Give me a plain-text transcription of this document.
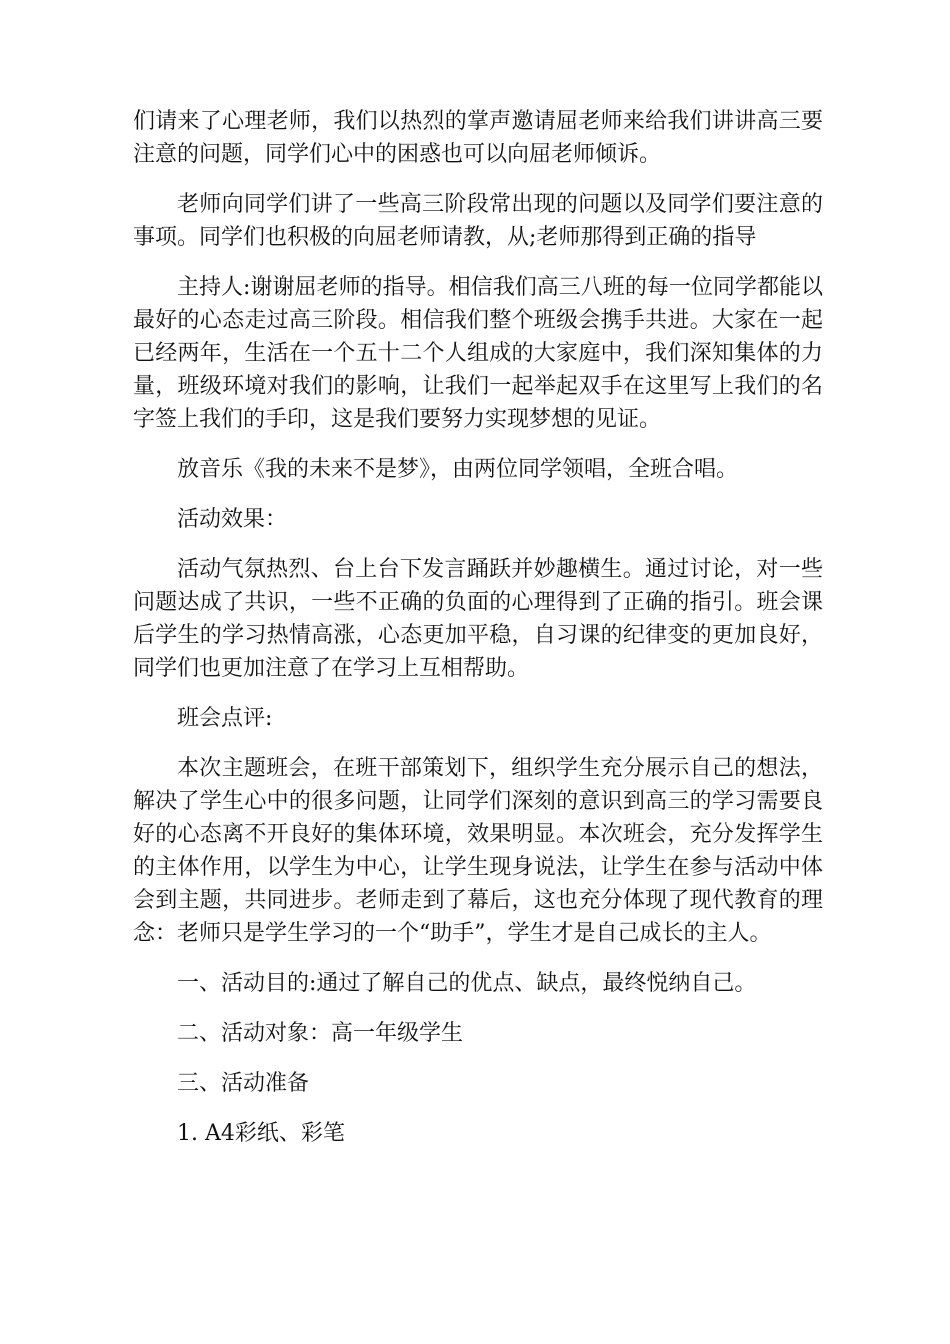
们请来了心理老师，我们以热烈的掌声邀请屈老师来给我们讲讲高三要注意的问题，同学们心中的困惑也可以向屈老师倾诉。

老师向同学们讲了一些高三阶段常出现的问题以及同学们要注意的事项。同学们也积极的向屈老师请教，从;老师那得到正确的指导

主持人:谢谢屈老师的指导。相信我们高三八班的每一位同学都能以最好的心态走过高三阶段。相信我们整个班级会携手共进。大家在一起已经两年，生活在一个五十二个人组成的大家庭中，我们深知集体的力量，班级环境对我们的影响，让我们一起举起双手在这里写上我们的名字签上我们的手印，这是我们要努力实现梦想的见证。

放音乐《我的未来不是梦》，由两位同学领唱，全班合唱。

活动效果：

活动气氛热烈、台上台下发言踊跃并妙趣横生。通过讨论，对一些问题达成了共识，一些不正确的负面的心理得到了正确的指引。班会课后学生的学习热情高涨，心态更加平稳，自习课的纪律变的更加良好，同学们也更加注意了在学习上互相帮助。

班会点评:

本次主题班会，在班干部策划下，组织学生充分展示自己的想法，解决了学生心中的很多问题，让同学们深刻的意识到高三的学习需要良好的心态离不开良好的集体环境，效果明显。本次班会，充分发挥学生的主体作用，以学生为中心，让学生现身说法，让学生在参与活动中体会到主题，共同进步。老师走到了幕后，这也充分体现了现代教育的理念：老师只是学生学习的一个“助手”，学生才是自己成长的主人。

一、活动目的:通过了解自己的优点、缺点，最终悦纳自己。

二、活动对象：高一年级学生

三、活动准备

1. A4彩纸、彩笔
